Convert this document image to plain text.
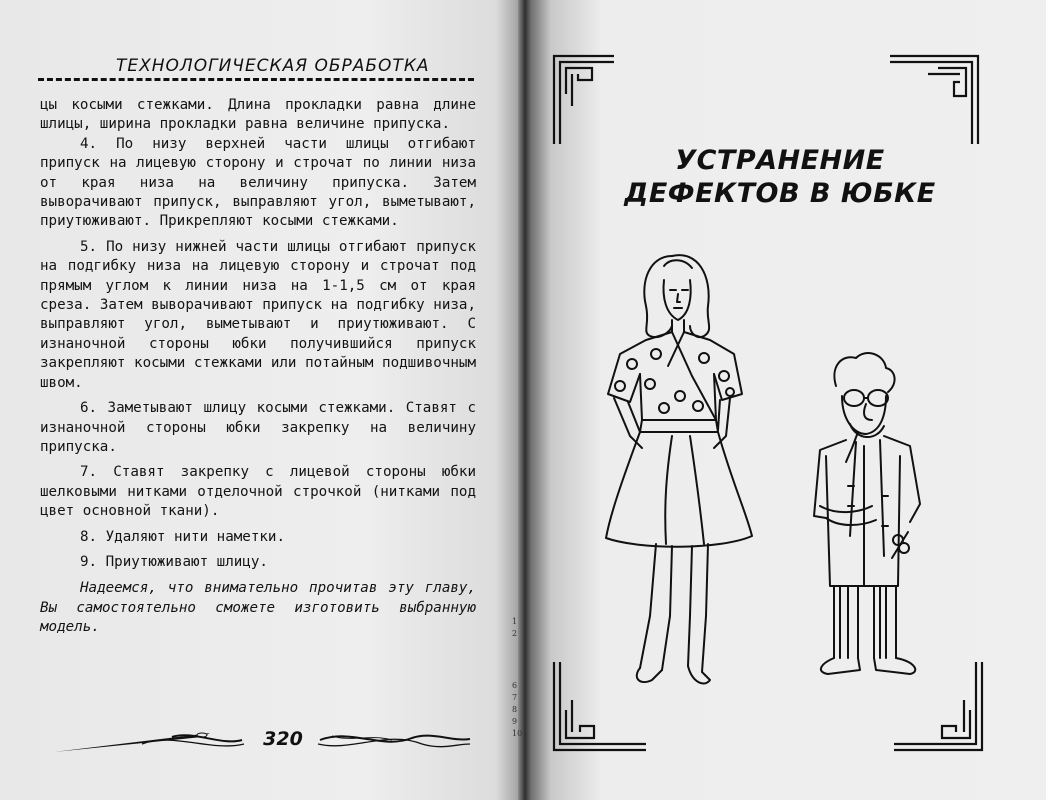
ТЕХНОЛОГИЧЕСКАЯ ОБРАБОТКА

цы косыми стежками. Длина прокладки равна длине шлицы, ширина прокладки равна величине припуска.

4. По низу верхней части шлицы отгибают припуск на лицевую сторону и строчат по линии низа от края низа на величину припуска. Затем выворачивают припуск, выправляют угол, выметывают, приутюживают. Прикрепляют косыми стежками.

5. По низу нижней части шлицы отгибают припуск на подгибку низа на лицевую сторону и строчат под прямым углом к линии низа на 1-1,5 см от края среза. Затем выворачивают припуск на подгибку низа, выправляют угол, выметывают и приутюживают. С изнаночной стороны юбки получившийся припуск закрепляют косыми стежками или потайным подшивочным швом.

6. Заметывают шлицу косыми стежками. Ставят с изнаночной стороны юбки закрепку на величину припуска.

7. Ставят закрепку с лицевой стороны юбки шелковыми нитками отделочной строчкой (нитками под цвет основной ткани).

8. Удаляют нити наметки.

9. Приутюживают шлицу.

Надеемся, что внимательно прочитав эту главу, Вы самостоятельно сможете изготовить выбранную модель.

320
1
2
6
7
8
9
10
УСТРАНЕНИЕ
ДЕФЕКТОВ В ЮБКЕ
